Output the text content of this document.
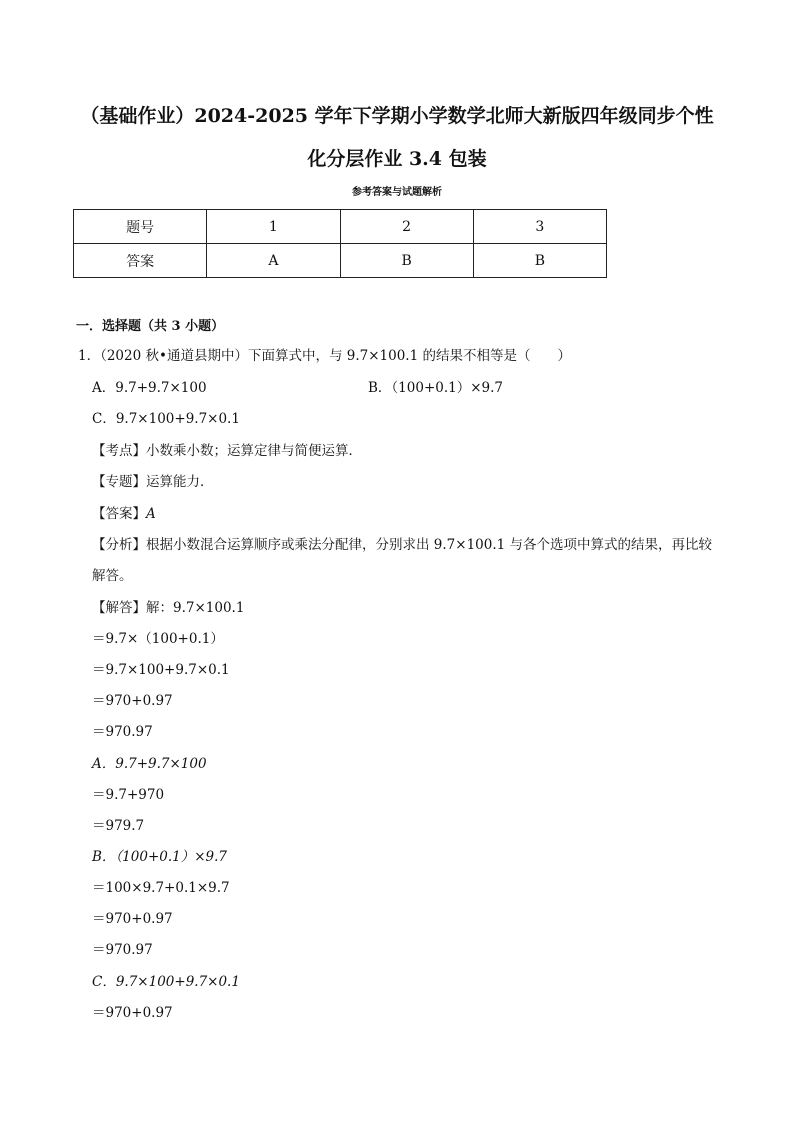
（基础作业）2024-2025 学年下学期小学数学北师大新版四年级同步个性
化分层作业 3.4 包装
参考答案与试题解析
题号	1	2	3
答案	A	B	B
一．选择题（共 3 小题）
1．（2020 秋•通道县期中）下面算式中，与 9.7×100.1 的结果不相等是（　　）
A．9.7+9.7×100	B．（100+0.1）×9.7
C．9.7×100+9.7×0.1
【考点】小数乘小数；运算定律与简便运算．
【专题】运算能力．
【答案】A
【分析】根据小数混合运算顺序或乘法分配律，分别求出 9.7×100.1 与各个选项中算式的结果，再比较
解答。
【解答】解：9.7×100.1
＝9.7×（100+0.1）
＝9.7×100+9.7×0.1
＝970+0.97
＝970.97
A．9.7+9.7×100
＝9.7+970
＝979.7
B．（100+0.1）×9.7
＝100×9.7+0.1×9.7
＝970+0.97
＝970.97
C．9.7×100+9.7×0.1
＝970+0.97
